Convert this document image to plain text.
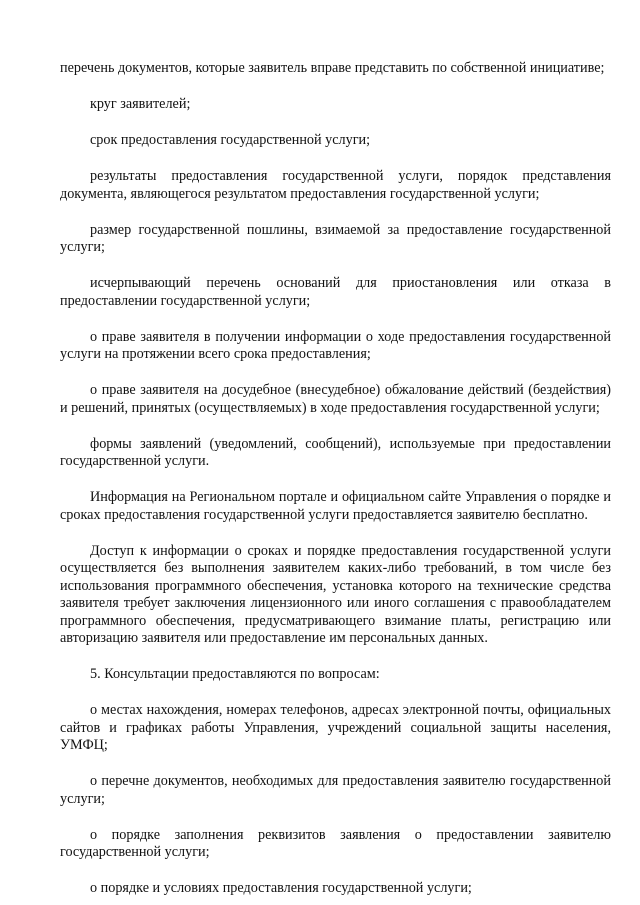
перечень документов, которые заявитель вправе представить по собственной инициативе;

круг заявителей;

срок предоставления государственной услуги;

результаты предоставления государственной услуги, порядок представления документа, являющегося результатом предоставления государственной услуги;

размер государственной пошлины, взимаемой за предоставление государственной услуги;

исчерпывающий перечень оснований для приостановления или отказа в предоставлении государственной услуги;

о праве заявителя в получении информации о ходе предоставления государственной услуги на протяжении всего срока предоставления;

о праве заявителя на досудебное (внесудебное) обжалование действий (бездействия) и решений, принятых (осуществляемых) в ходе предоставления государственной услуги;

формы заявлений (уведомлений, сообщений), используемые при предоставлении государственной услуги.

Информация на Региональном портале и официальном сайте Управления о порядке и сроках предоставления государственной услуги предоставляется заявителю бесплатно.

Доступ к информации о сроках и порядке предоставления государственной услуги осуществляется без выполнения заявителем каких-либо требований, в том числе без использования программного обеспечения, установка которого на технические средства заявителя требует заключения лицензионного или иного соглашения с правообладателем программного обеспечения, предусматривающего взимание платы, регистрацию или авторизацию заявителя или предоставление им персональных данных.

5. Консультации предоставляются по вопросам:

о местах нахождения, номерах телефонов, адресах электронной почты, официальных сайтов и графиках работы Управления, учреждений социальной защиты населения, УМФЦ;

о перечне документов, необходимых для предоставления заявителю государственной услуги;

о порядке заполнения реквизитов заявления о предоставлении заявителю государственной услуги;

о порядке и условиях предоставления государственной услуги;
